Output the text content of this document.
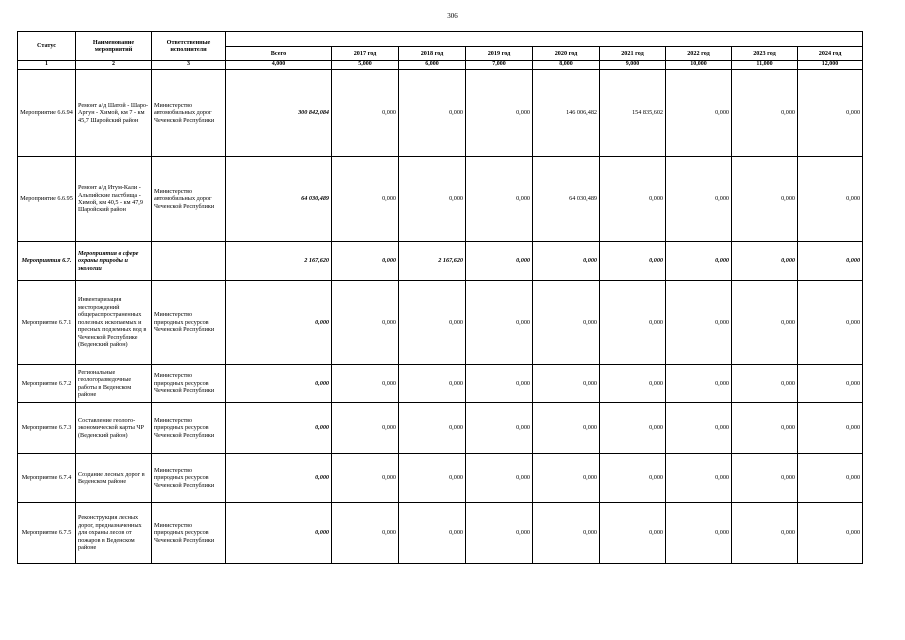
306
Статус	Наименование мероприятий	Ответственные исполнители									
			Всего	2017 год	2018 год	2019 год	2020 год	2021 год	2022 год	2023 год	2024 год
1	2	3	4,000	5,000	6,000	7,000	8,000	9,000	10,000	11,000	12,000
Мероприятие 6.6.94	Ремонт а/д Шатой - Шаро-Аргун - Химой, км 7 - км 45,7 Шаройский район	Министерство автомобильных дорог Чеченской Республики	300 842,084	0,000	0,000	0,000	146 006,482	154 835,602	0,000	0,000	0,000
Мероприятие 6.6.95	Ремонт а/д Итум-Кали - Альпийские пастбища - Химой, км 40,5 - км 47,9 Шаройский район	Министерство автомобильных дорог Чеченской Республики	64 030,489	0,000	0,000	0,000	64 030,489	0,000	0,000	0,000	0,000
Мероприятия 6.7.	Мероприятия в сфере охраны природы и экологии		2 167,620	0,000	2 167,620	0,000	0,000	0,000	0,000	0,000	0,000
Мероприятие 6.7.1	Инвентаризация месторождений общераспространенных полезных ископаемых и пресных подземных вод в Чеченской Республике (Веденский район)	Министерство природных ресурсов Чеченской Республики	0,000	0,000	0,000	0,000	0,000	0,000	0,000	0,000	0,000
Мероприятие 6.7.2	Региональные геологоразведочные работы в Веденском районе	Министерство природных ресурсов Чеченской Республики	0,000	0,000	0,000	0,000	0,000	0,000	0,000	0,000	0,000
Мероприятие 6.7.3	Составление геолого-экономической карты ЧР (Веденский район)	Министерство природных ресурсов Чеченской Республики	0,000	0,000	0,000	0,000	0,000	0,000	0,000	0,000	0,000
Мероприятие 6.7.4	Создание лесных дорог в Веденском районе	Министерство природных ресурсов Чеченской Республики	0,000	0,000	0,000	0,000	0,000	0,000	0,000	0,000	0,000
Мероприятие 6.7.5	Реконструкция лесных дорог, предназначенных для охраны лесов от пожаров в Веденском районе	Министерство природных ресурсов Чеченской Республики	0,000	0,000	0,000	0,000	0,000	0,000	0,000	0,000	0,000
